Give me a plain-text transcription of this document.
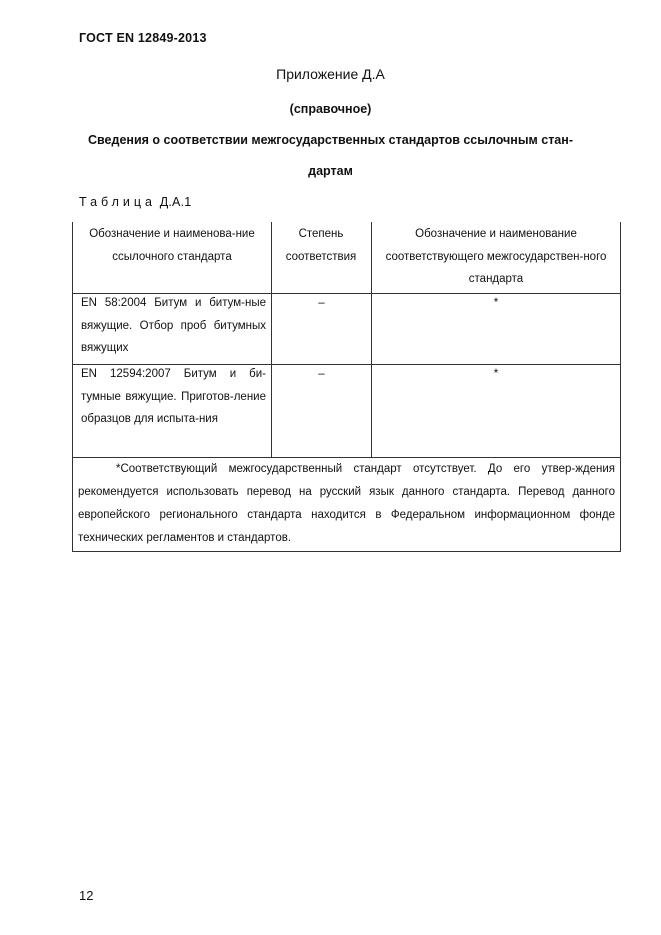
ГОСТ EN 12849-2013
Приложение Д.А
(справочное)
Сведения о соответствии межгосударственных стандартов ссылочным стан-
дартам
Таблица Д.А.1
Обозначение и наименова-ние ссылочного стандарта
Степень соответствия
Обозначение и наименование соответствующего межгосударствен-ного стандарта
EN 58:2004 Битум и битум-ные вяжущие. Отбор проб битумных вяжущих
–	*
EN 12594:2007 Битум и би-тумные вяжущие. Приготов-ление образцов для испыта-ния
–	*
*Соответствующий межгосударственный стандарт отсутствует. До его утвер-ждения рекомендуется использовать перевод на русский язык данного стандарта. Перевод данного европейского регионального стандарта находится в Федеральном информационном фонде технических регламентов и стандартов.
12
